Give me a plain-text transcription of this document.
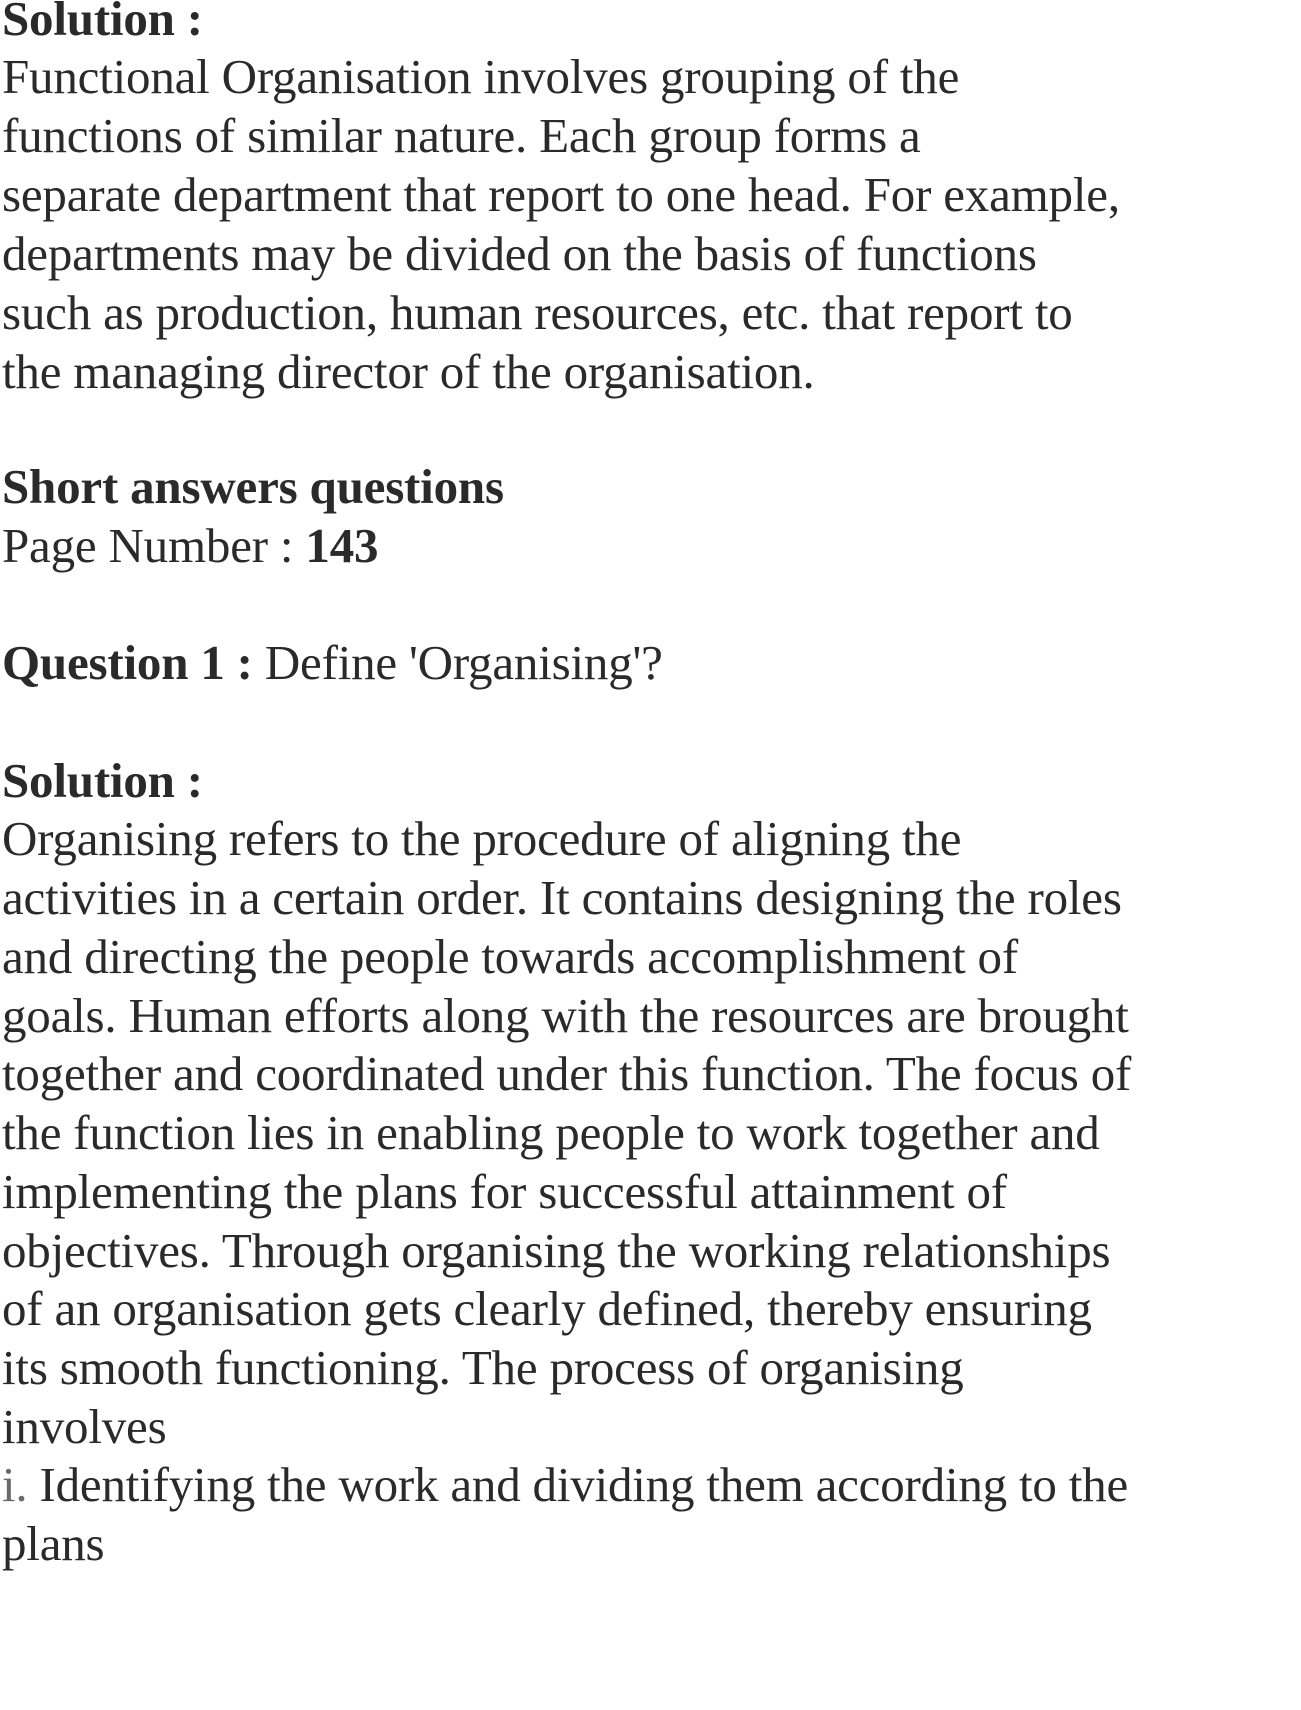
Solution :
Functional Organisation involves grouping of the
functions of similar nature. Each group forms a
separate department that report to one head. For example,
departments may be divided on the basis of functions
such as production, human resources, etc. that report to
the managing director of the organisation.
Short answers questions
Page Number : 143
Question 1 : Define 'Organising'?
Solution :
Organising refers to the procedure of aligning the
activities in a certain order. It contains designing the roles
and directing the people towards accomplishment of
goals. Human efforts along with the resources are brought
together and coordinated under this function. The focus of
the function lies in enabling people to work together and
implementing the plans for successful attainment of
objectives. Through organising the working relationships
of an organisation gets clearly defined, thereby ensuring
its smooth functioning. The process of organising
involves
i. Identifying the work and dividing them according to the
plans
